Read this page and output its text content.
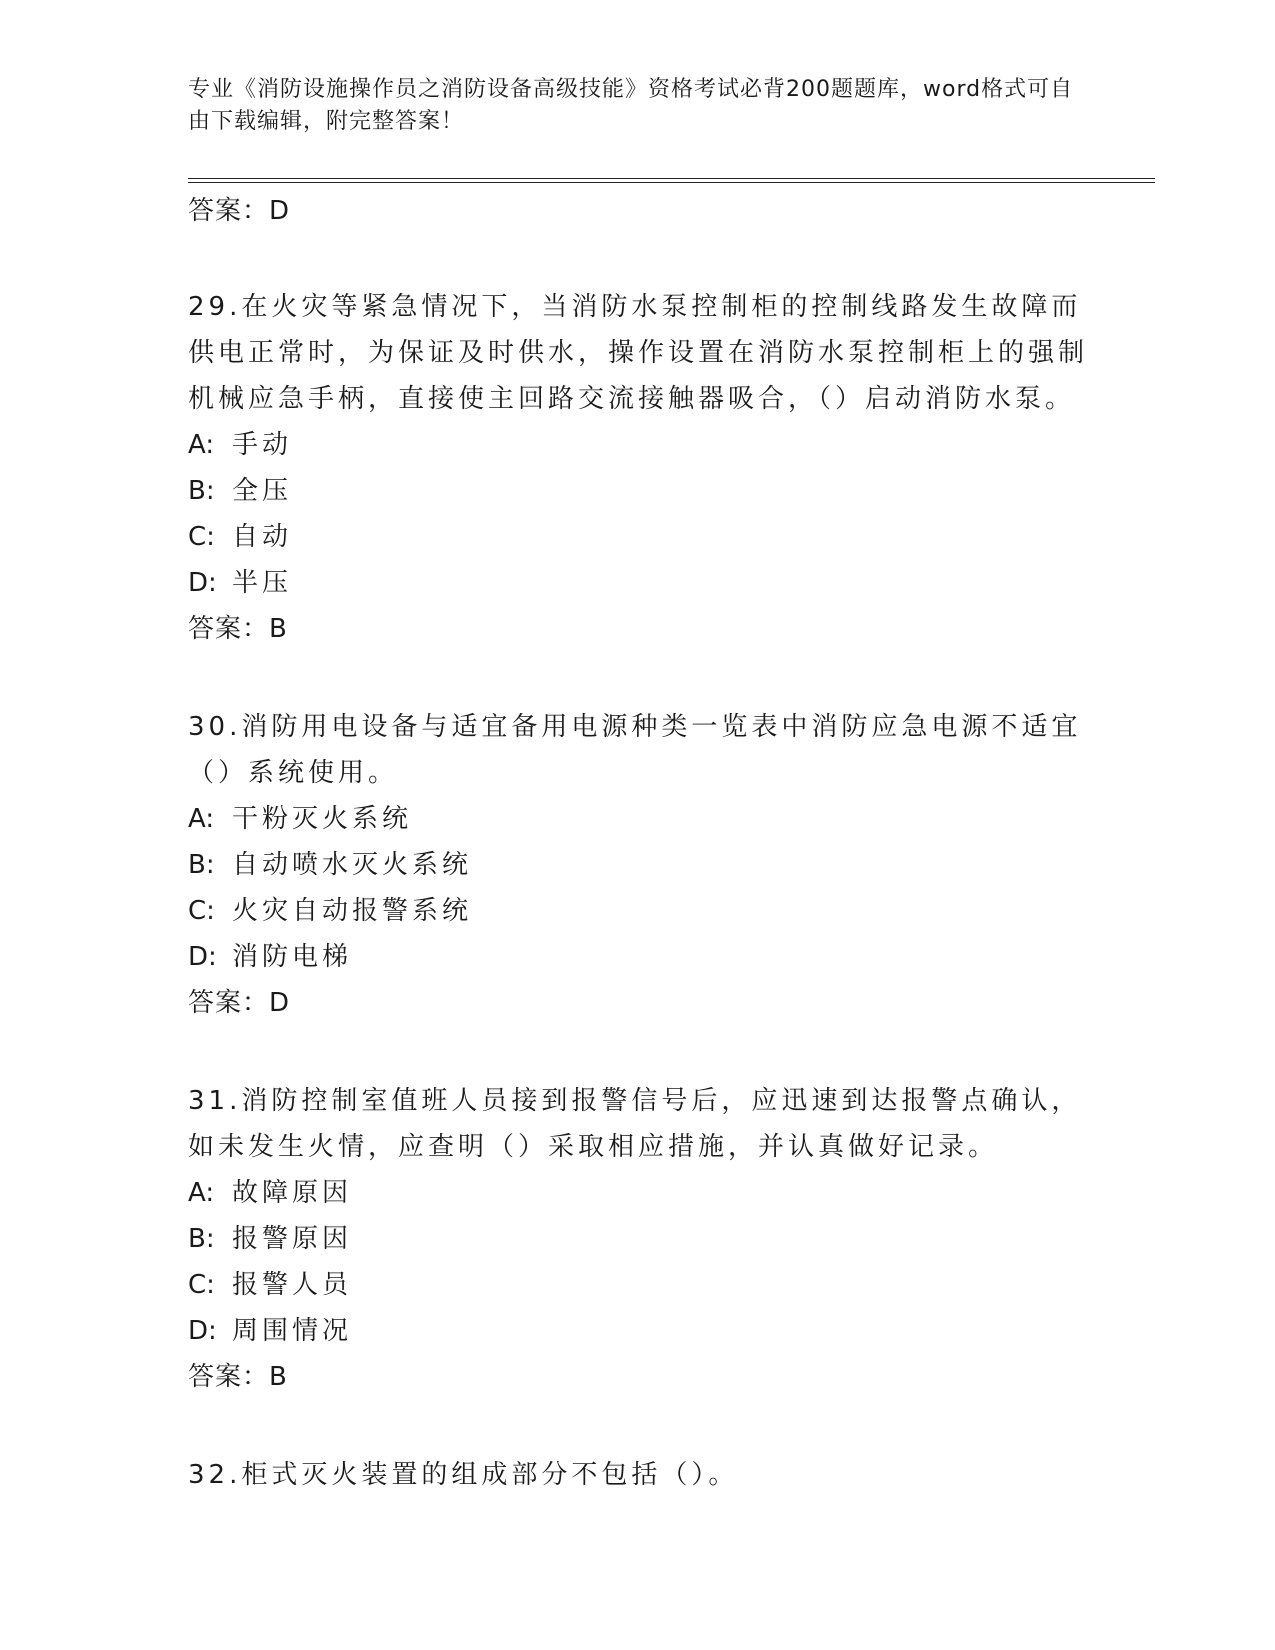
专业《消防设施操作员之消防设备高级技能》资格考试必背200题题库，word格式可自由下载编辑，附完整答案！
答案：D
29.在火灾等紧急情况下，当消防水泵控制柜的控制线路发生故障而供电正常时，为保证及时供水，操作设置在消防水泵控制柜上的强制机械应急手柄，直接使主回路交流接触器吸合，（）启动消防水泵。
A: 手动
B: 全压
C: 自动
D: 半压
答案：B
30.消防用电设备与适宜备用电源种类一览表中消防应急电源不适宜（）系统使用。
A: 干粉灭火系统
B: 自动喷水灭火系统
C: 火灾自动报警系统
D: 消防电梯
答案：D
31.消防控制室值班人员接到报警信号后，应迅速到达报警点确认，如未发生火情，应查明（）采取相应措施，并认真做好记录。
A: 故障原因
B: 报警原因
C: 报警人员
D: 周围情况
答案：B
32.柜式灭火装置的组成部分不包括（）。
